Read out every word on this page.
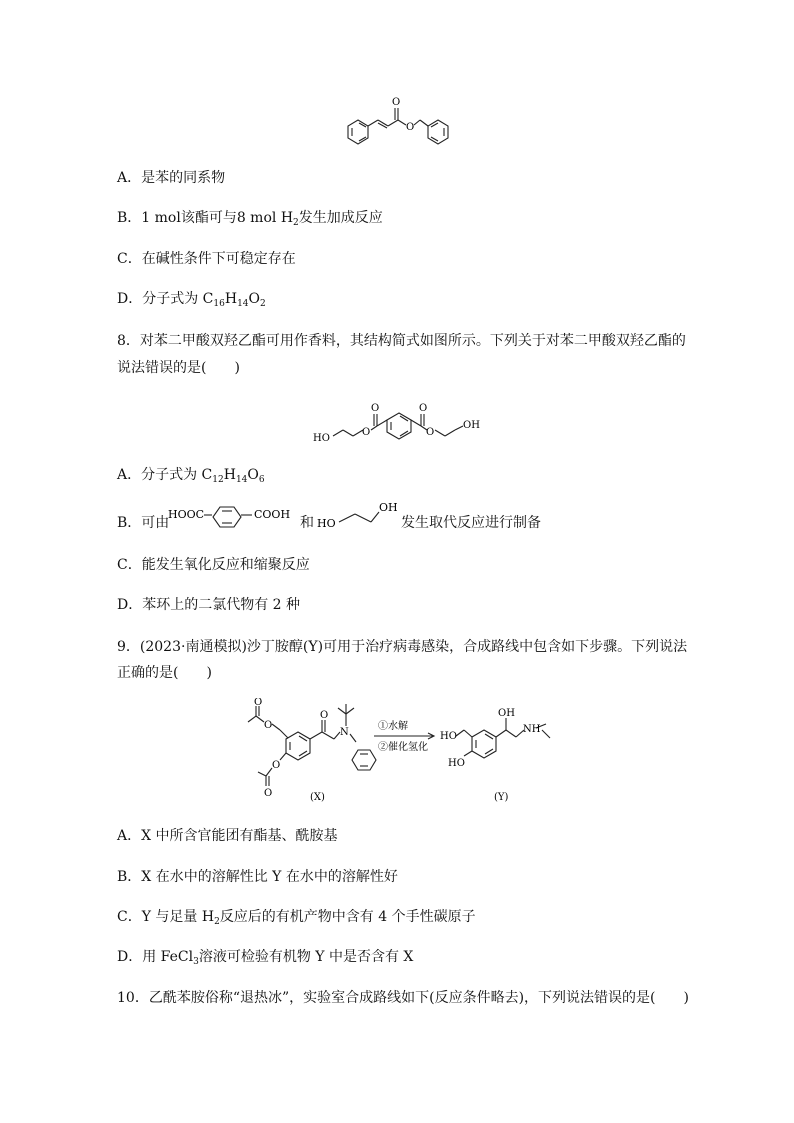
O
O
A．是苯的同系物
B．1 mol该酯可与8 mol $H_2$发生加成反应
C．在碱性条件下可稳定存在
D．分子式为 $C_{16}H_{14}O_2$
8．对苯二甲酸双羟乙酯可用作香料，其结构简式如图所示。下列关于对苯二甲酸双羟乙酯的
说法错误的是(　　)
HO
O
O	O
O
OH
A．分子式为 $C_{12}H_{14}O_6$
B．可由
HOOC	COOH
和 HO
OH
发生取代反应进行制备
C．能发生氧化反应和缩聚反应
D．苯环上的二氯代物有 2 种
9．(2023·南通模拟)沙丁胺醇(Y)可用于治疗病毒感染，合成路线中包含如下步骤。下列说法
正确的是(　　)
O
O
O
O
O
N
①水解
②催化氢化
(X)
OH
HO
HO
NH
(Y)
A．X 中所含官能团有酯基、酰胺基
B．X 在水中的溶解性比 Y 在水中的溶解性好
C．Y 与足量 $H_2$反应后的有机产物中含有 4 个手性碳原子
D．用 FeCl$_3$溶液可检验有机物 Y 中是否含有 X
10．乙酰苯胺俗称“退热冰”，实验室合成路线如下(反应条件略去)，下列说法错误的是(　　)
